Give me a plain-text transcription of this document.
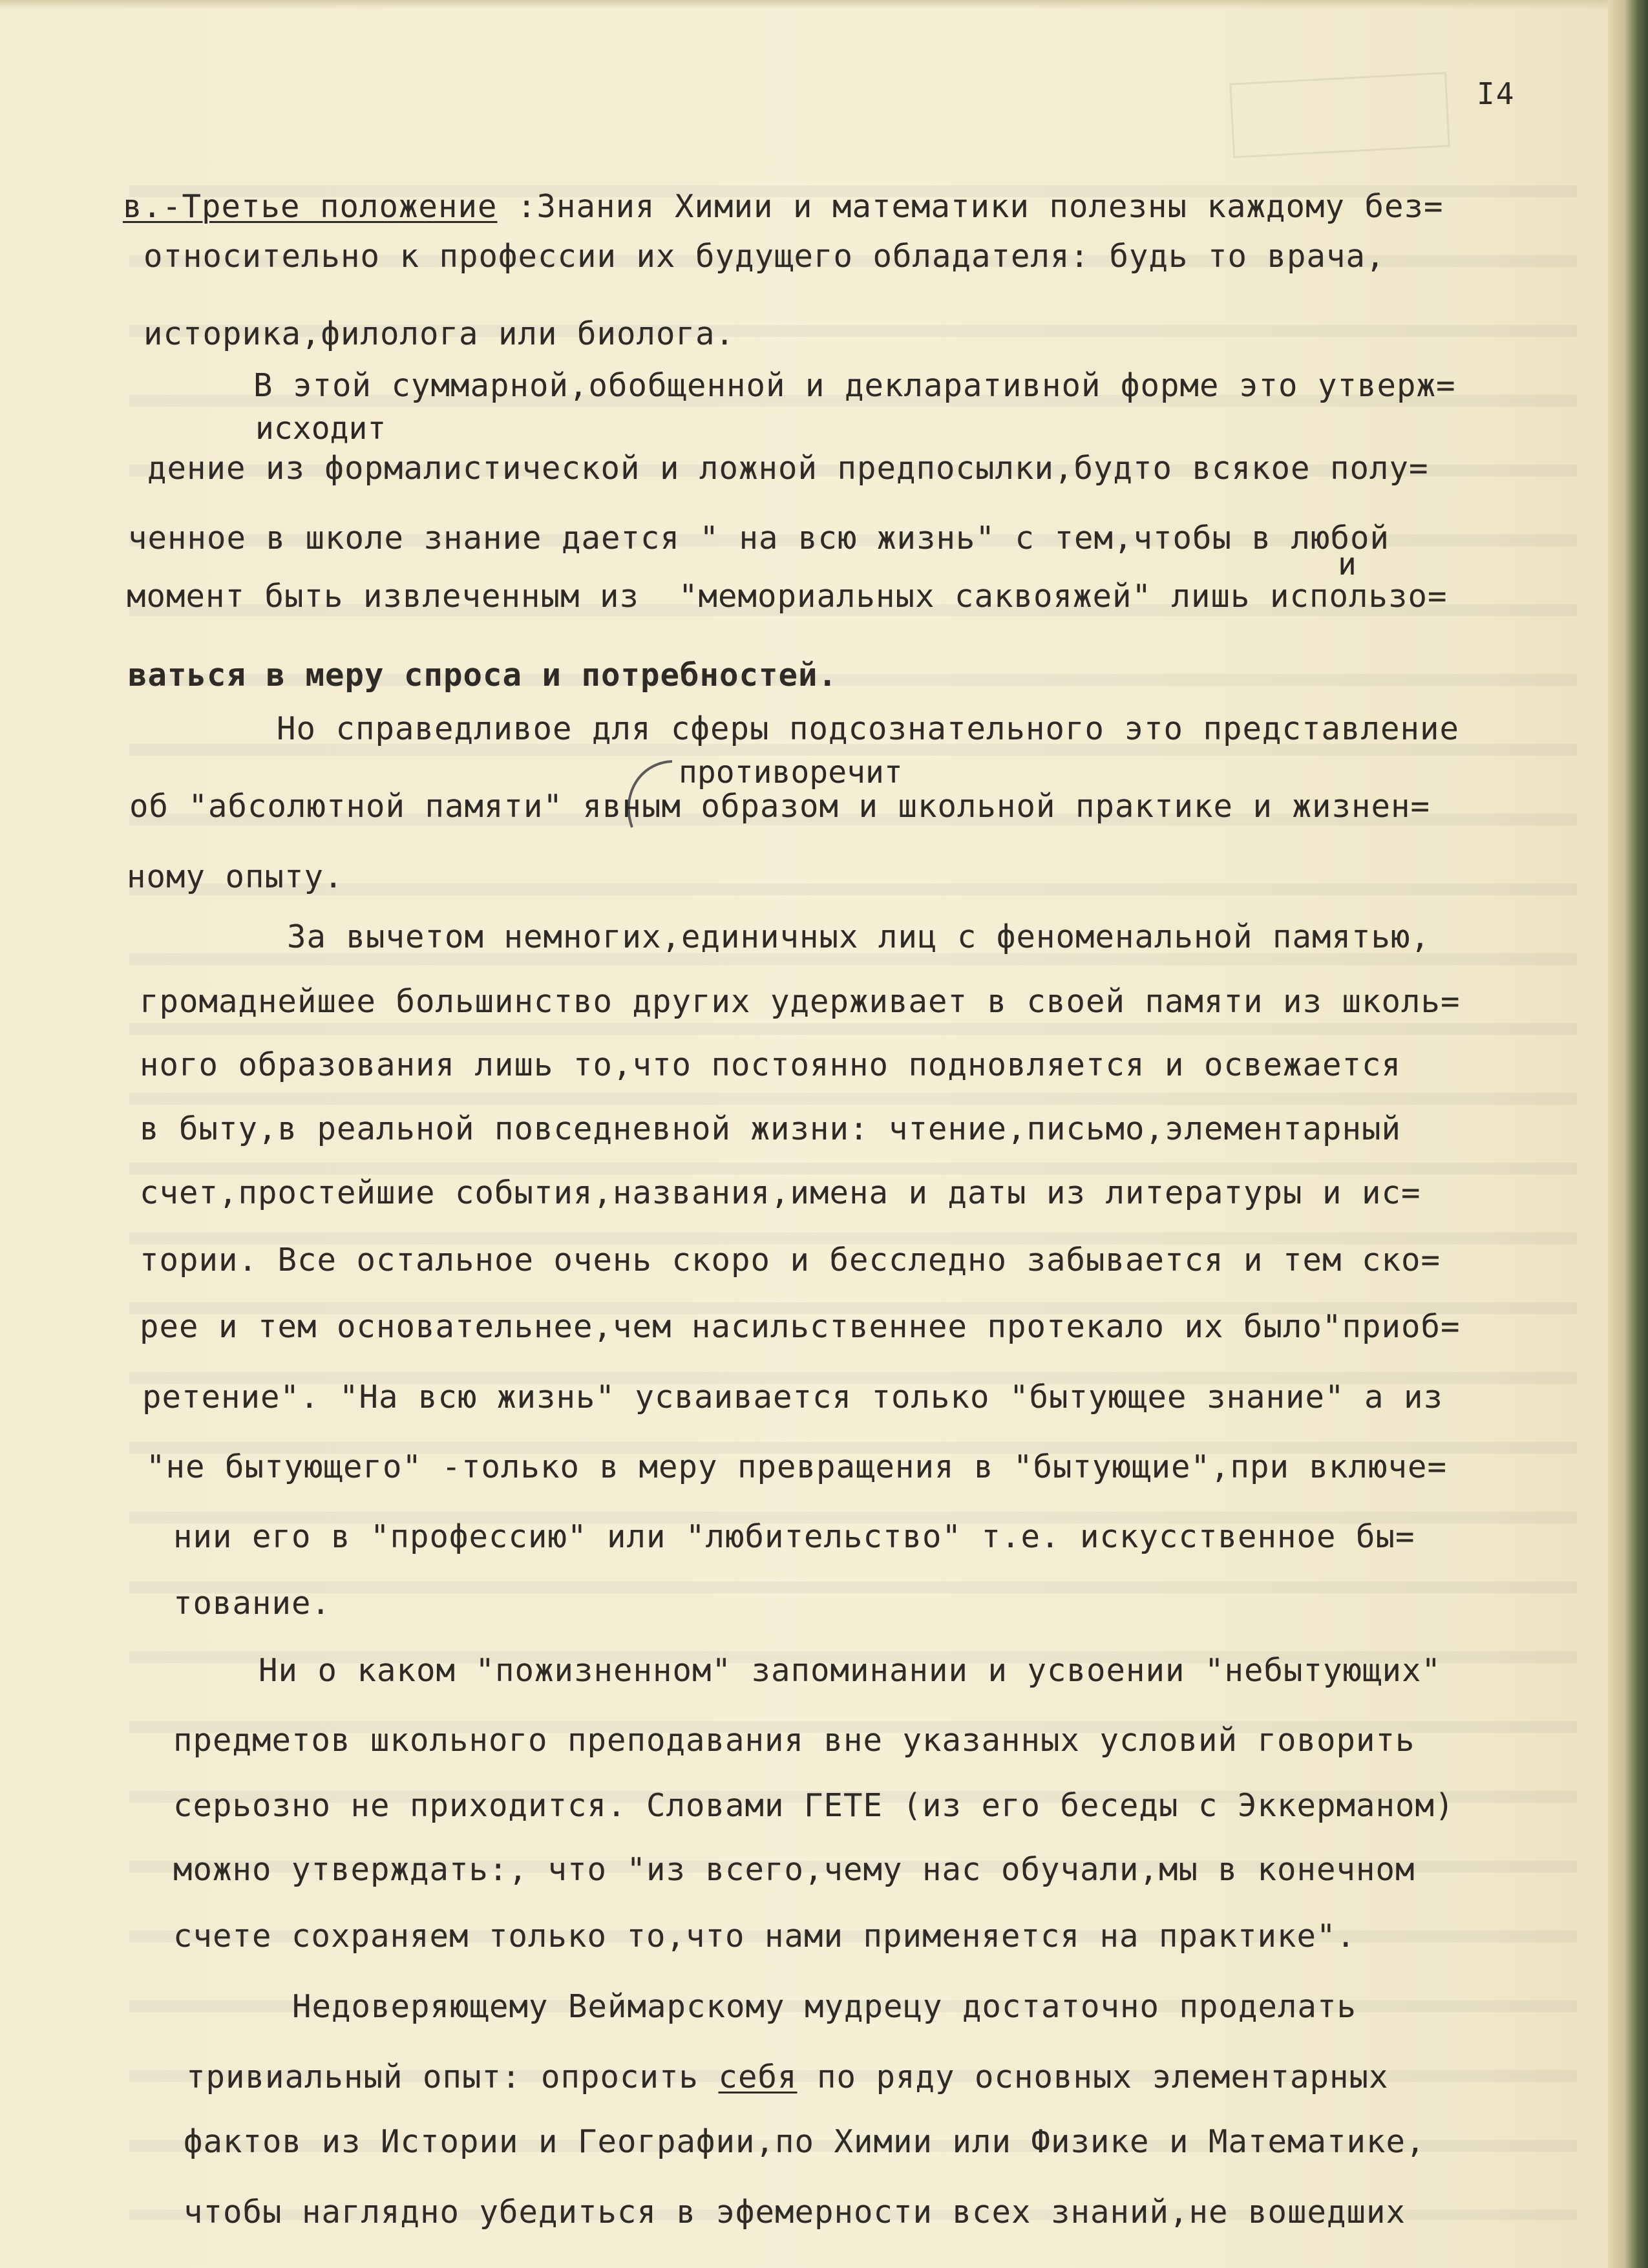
I4
в.-Третье положение :Знания Химии и математики полезны каждому без=
относительно к профессии их будущего обладателя: будь то врача,
историка,филолога или биолога.
В этой суммарной,обобщенной и декларативной форме это утверж=
исходит
дение из формалистической и ложной предпосылки,будто всякое полу=
ченное в школе знание дается " на всю жизнь" с тем,чтобы в любой
и
момент быть извлеченным из  "мемориальных саквояжей" лишь использо=
ваться в меру спроса и потребностей.
Но справедливое для сферы подсознательного это представление
противоречит
об "абсолютной памяти" явным образом и школьной практике и жизнен=
ному опыту.
За вычетом немногих,единичных лиц с феноменальной памятью,
громаднейшее большинство других удерживает в своей памяти из школь=
ного образования лишь то,что постоянно подновляется и освежается
в быту,в реальной повседневной жизни: чтение,письмо,элементарный
счет,простейшие события,названия,имена и даты из литературы и ис=
тории. Все остальное очень скоро и бесследно забывается и тем ско=
рее и тем основательнее,чем насильственнее протекало их было"приоб=
ретение". "На всю жизнь" усваивается только "бытующее знание" а из
"не бытующего" -только в меру превращения в "бытующие",при включе=
нии его в "профессию" или "любительство" т.е. искусственное бы=
тование.
Ни о каком "пожизненном" запоминании и усвоении "небытующих"
предметов школьного преподавания вне указанных условий говорить
серьозно не приходится. Словами ГЕТЕ (из его беседы с Эккерманом)
можно утверждать:, что "из всего,чему нас обучали,мы в конечном
счете сохраняем только то,что нами применяется на практике".
Недоверяющему Веймарскому мудрецу достаточно проделать
тривиальный опыт: опросить себя по ряду основных элементарных
фактов из Истории и Географии,по Химии или Физике и Математике,
чтобы наглядно убедиться в эфемерности всех знаний,не вошедших
